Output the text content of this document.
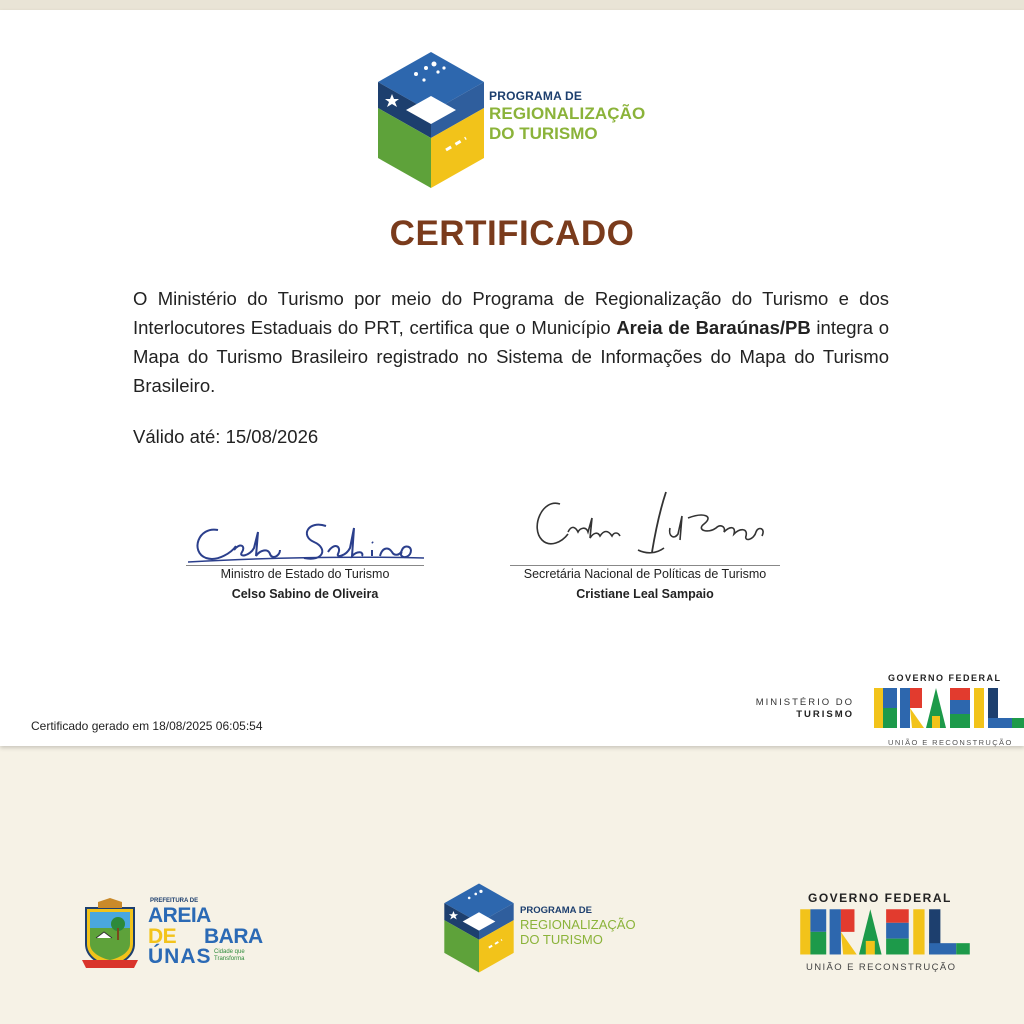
PROGRAMA DE
REGIONALIZAÇÃO
DO TURISMO
CERTIFICADO
O Ministério do Turismo por meio do Programa de Regionalização do Turismo e dos Interlocutores Estaduais do PRT, certifica que o Município Areia de Baraúnas/PB integra o Mapa do Turismo Brasileiro registrado no Sistema de Informações do Mapa do Turismo Brasileiro.
Válido até: 15/08/2026
Ministro de Estado do Turismo
Celso Sabino de Oliveira
Secretária Nacional de Políticas de Turismo
Cristiane Leal Sampaio
Certificado gerado em 18/08/2025 06:05:54
MINISTÉRIO DO
TURISMO
GOVERNO FEDERAL
UNIÃO E RECONSTRUÇÃO
PREFEITURA DE
AREIA
DE BARA
ÚNAS Cidade que Transforma
PROGRAMA DE
REGIONALIZAÇÃO
DO TURISMO
GOVERNO FEDERAL
UNIÃO E RECONSTRUÇÃO
